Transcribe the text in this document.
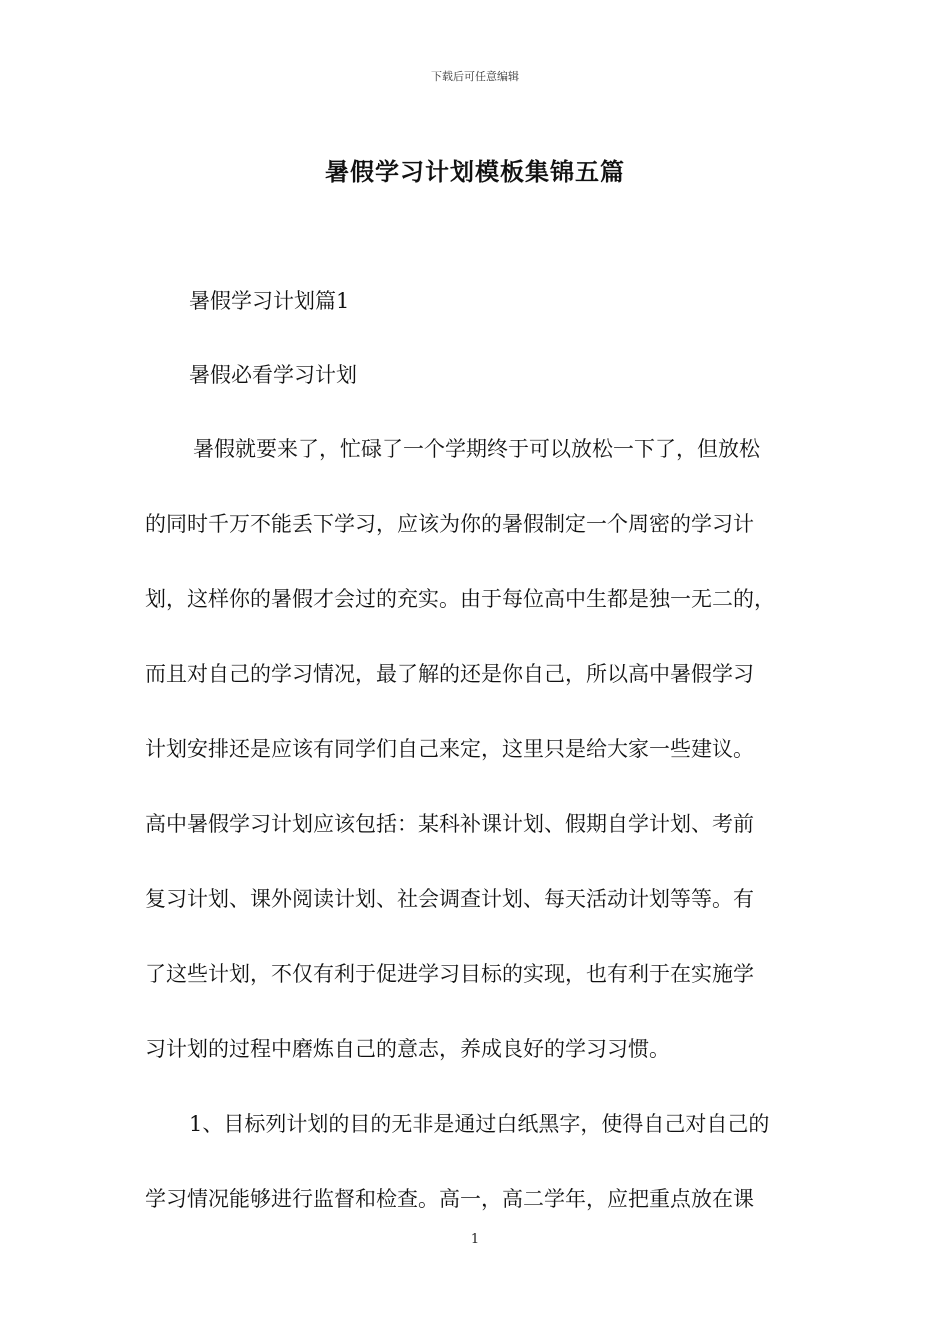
下载后可任意编辑
暑假学习计划模板集锦五篇
暑假学习计划篇1
暑假必看学习计划
暑假就要来了，忙碌了一个学期终于可以放松一下了，但放松
的同时千万不能丢下学习，应该为你的暑假制定一个周密的学习计
划，这样你的暑假才会过的充实。由于每位高中生都是独一无二的，
而且对自己的学习情况，最了解的还是你自己，所以高中暑假学习
计划安排还是应该有同学们自己来定，这里只是给大家一些建议。
高中暑假学习计划应该包括：某科补课计划、假期自学计划、考前
复习计划、课外阅读计划、社会调查计划、每天活动计划等等。有
了这些计划，不仅有利于促进学习目标的实现，也有利于在实施学
习计划的过程中磨炼自己的意志，养成良好的学习习惯。
1、目标列计划的目的无非是通过白纸黑字，使得自己对自己的
学习情况能够进行监督和检查。高一，高二学年，应把重点放在课
1
